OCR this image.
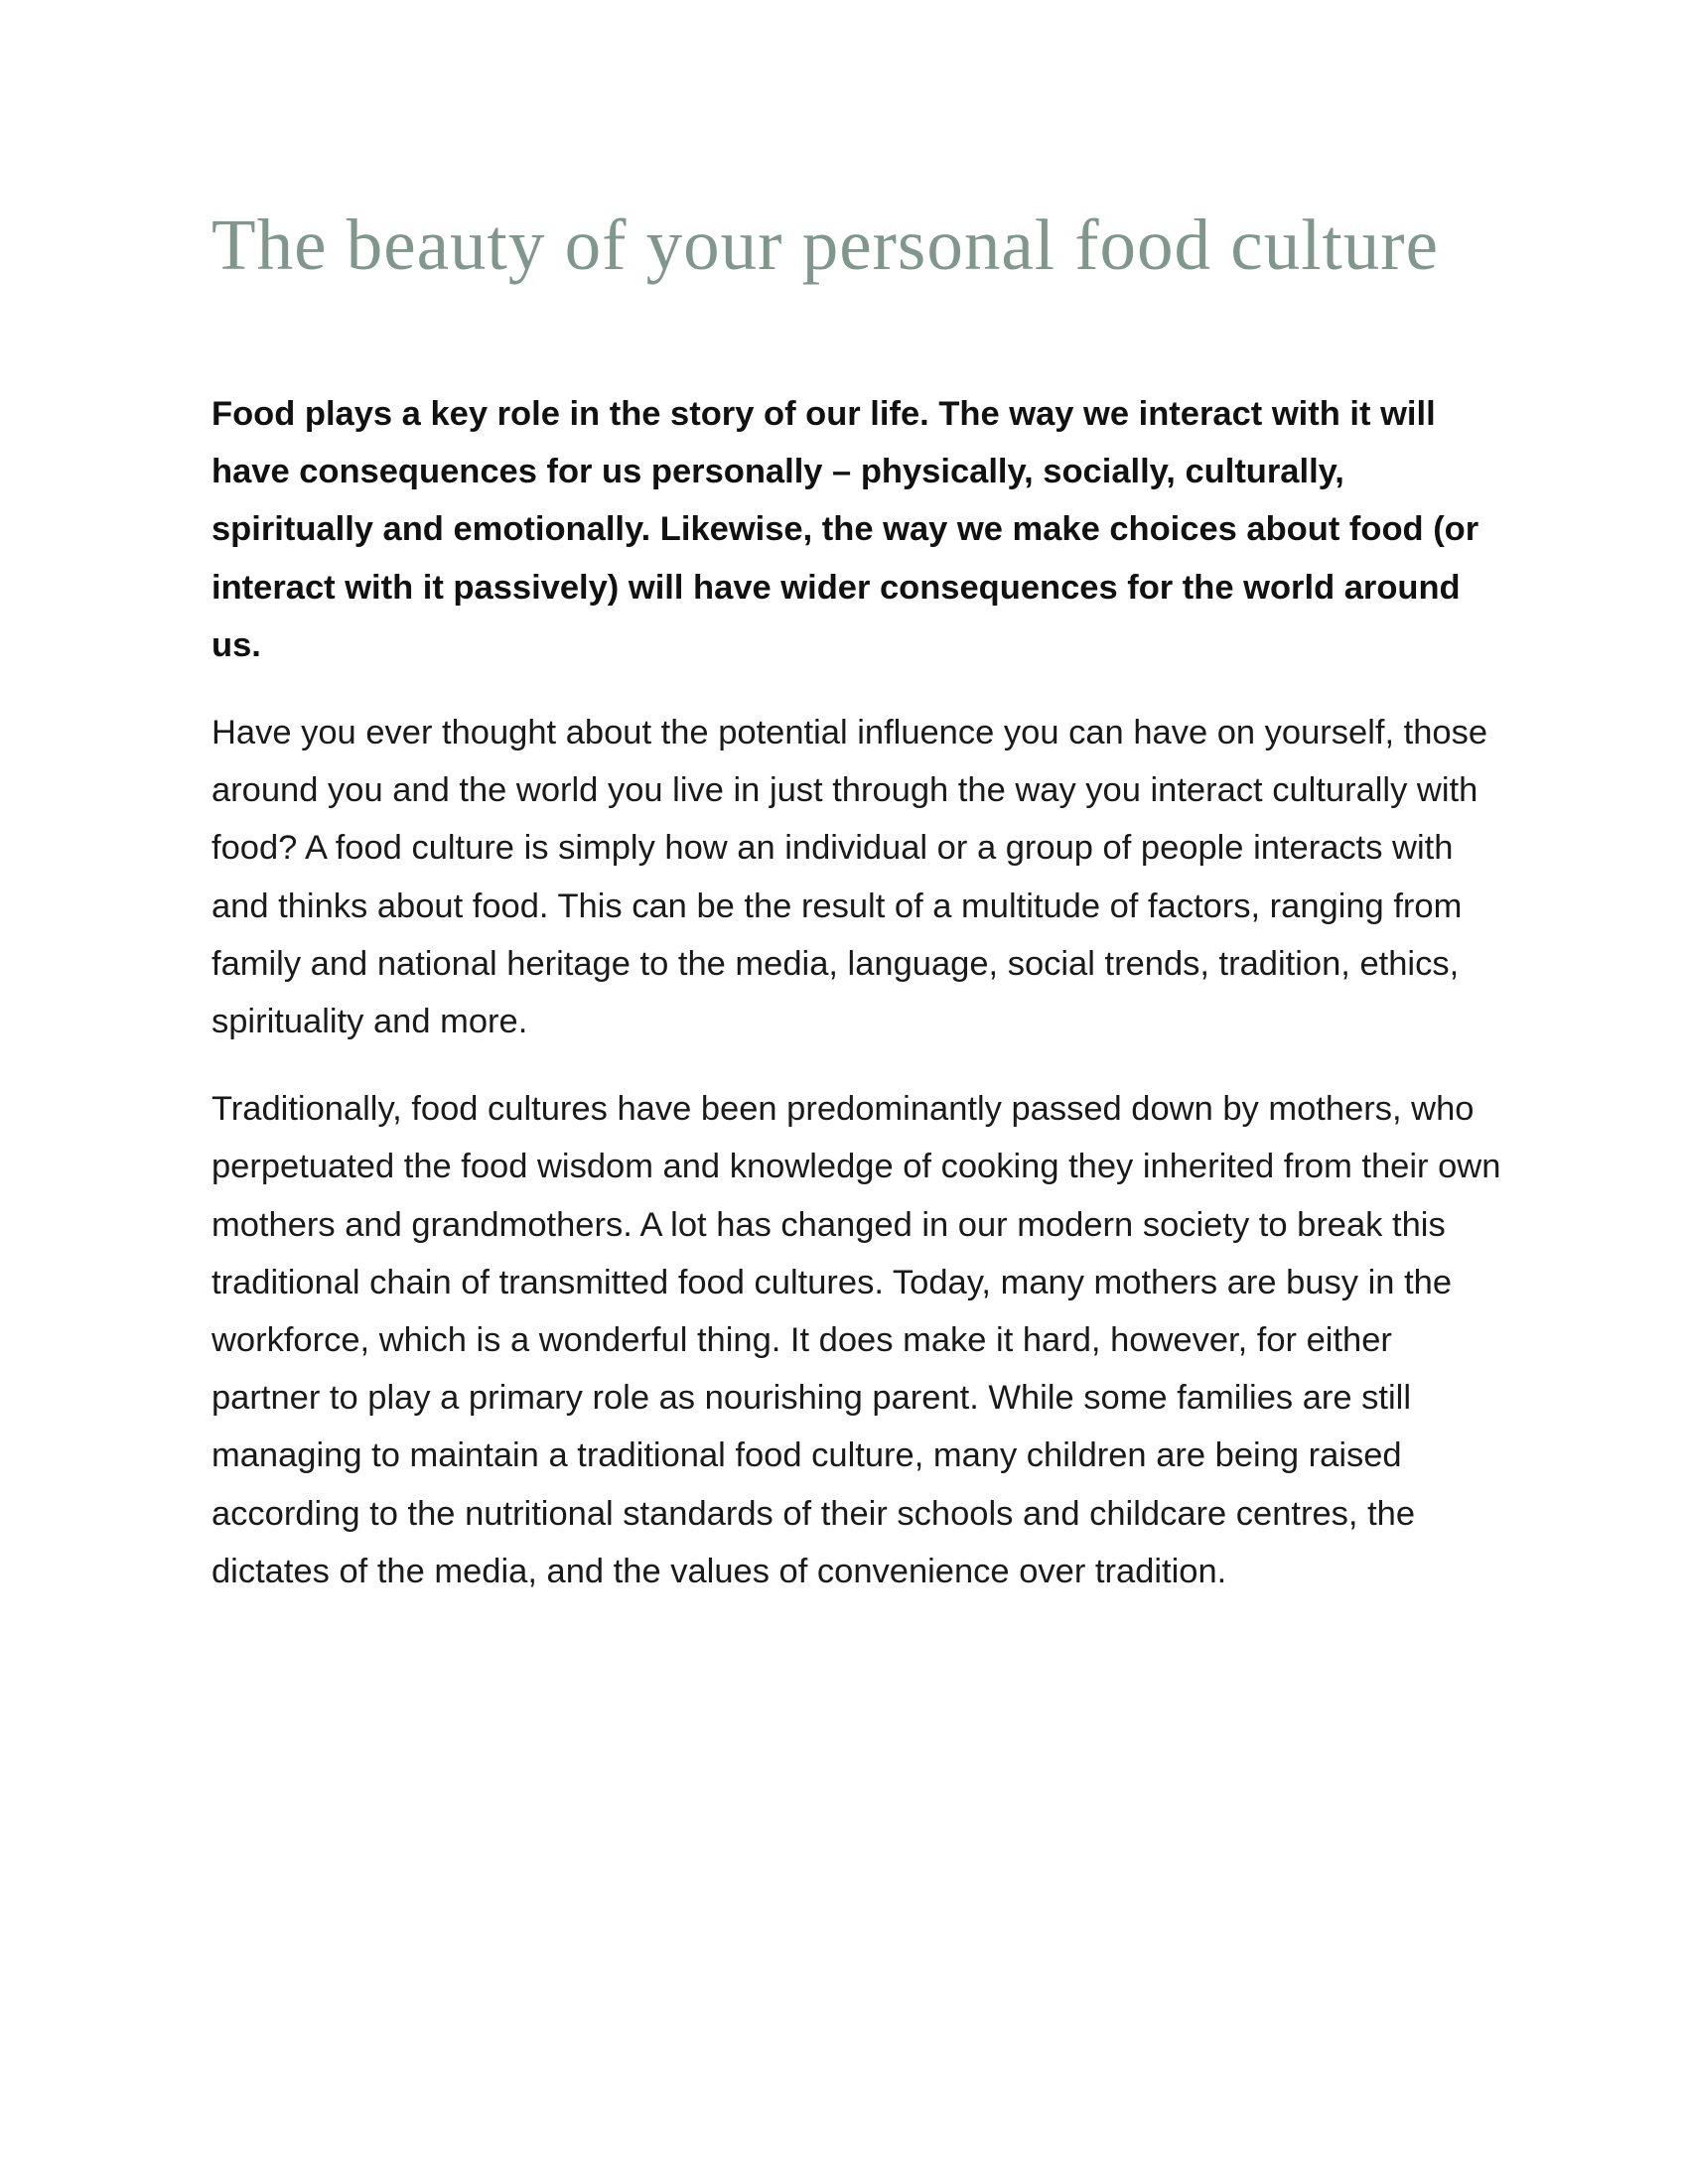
The beauty of your personal food culture

Food plays a key role in the story of our life. The way we interact with it will have consequences for us personally – physically, socially, culturally, spiritually and emotionally. Likewise, the way we make choices about food (or interact with it passively) will have wider consequences for the world around us.

Have you ever thought about the potential influence you can have on yourself, those around you and the world you live in just through the way you interact culturally with food? A food culture is simply how an individual or a group of people interacts with and thinks about food. This can be the result of a multitude of factors, ranging from family and national heritage to the media, language, social trends, tradition, ethics, spirituality and more.

Traditionally, food cultures have been predominantly passed down by mothers, who perpetuated the food wisdom and knowledge of cooking they inherited from their own mothers and grandmothers. A lot has changed in our modern society to break this traditional chain of transmitted food cultures. Today, many mothers are busy in the workforce, which is a wonderful thing. It does make it hard, however, for either partner to play a primary role as nourishing parent. While some families are still managing to maintain a traditional food culture, many children are being raised according to the nutritional standards of their schools and childcare centres, the dictates of the media, and the values of convenience over tradition.
